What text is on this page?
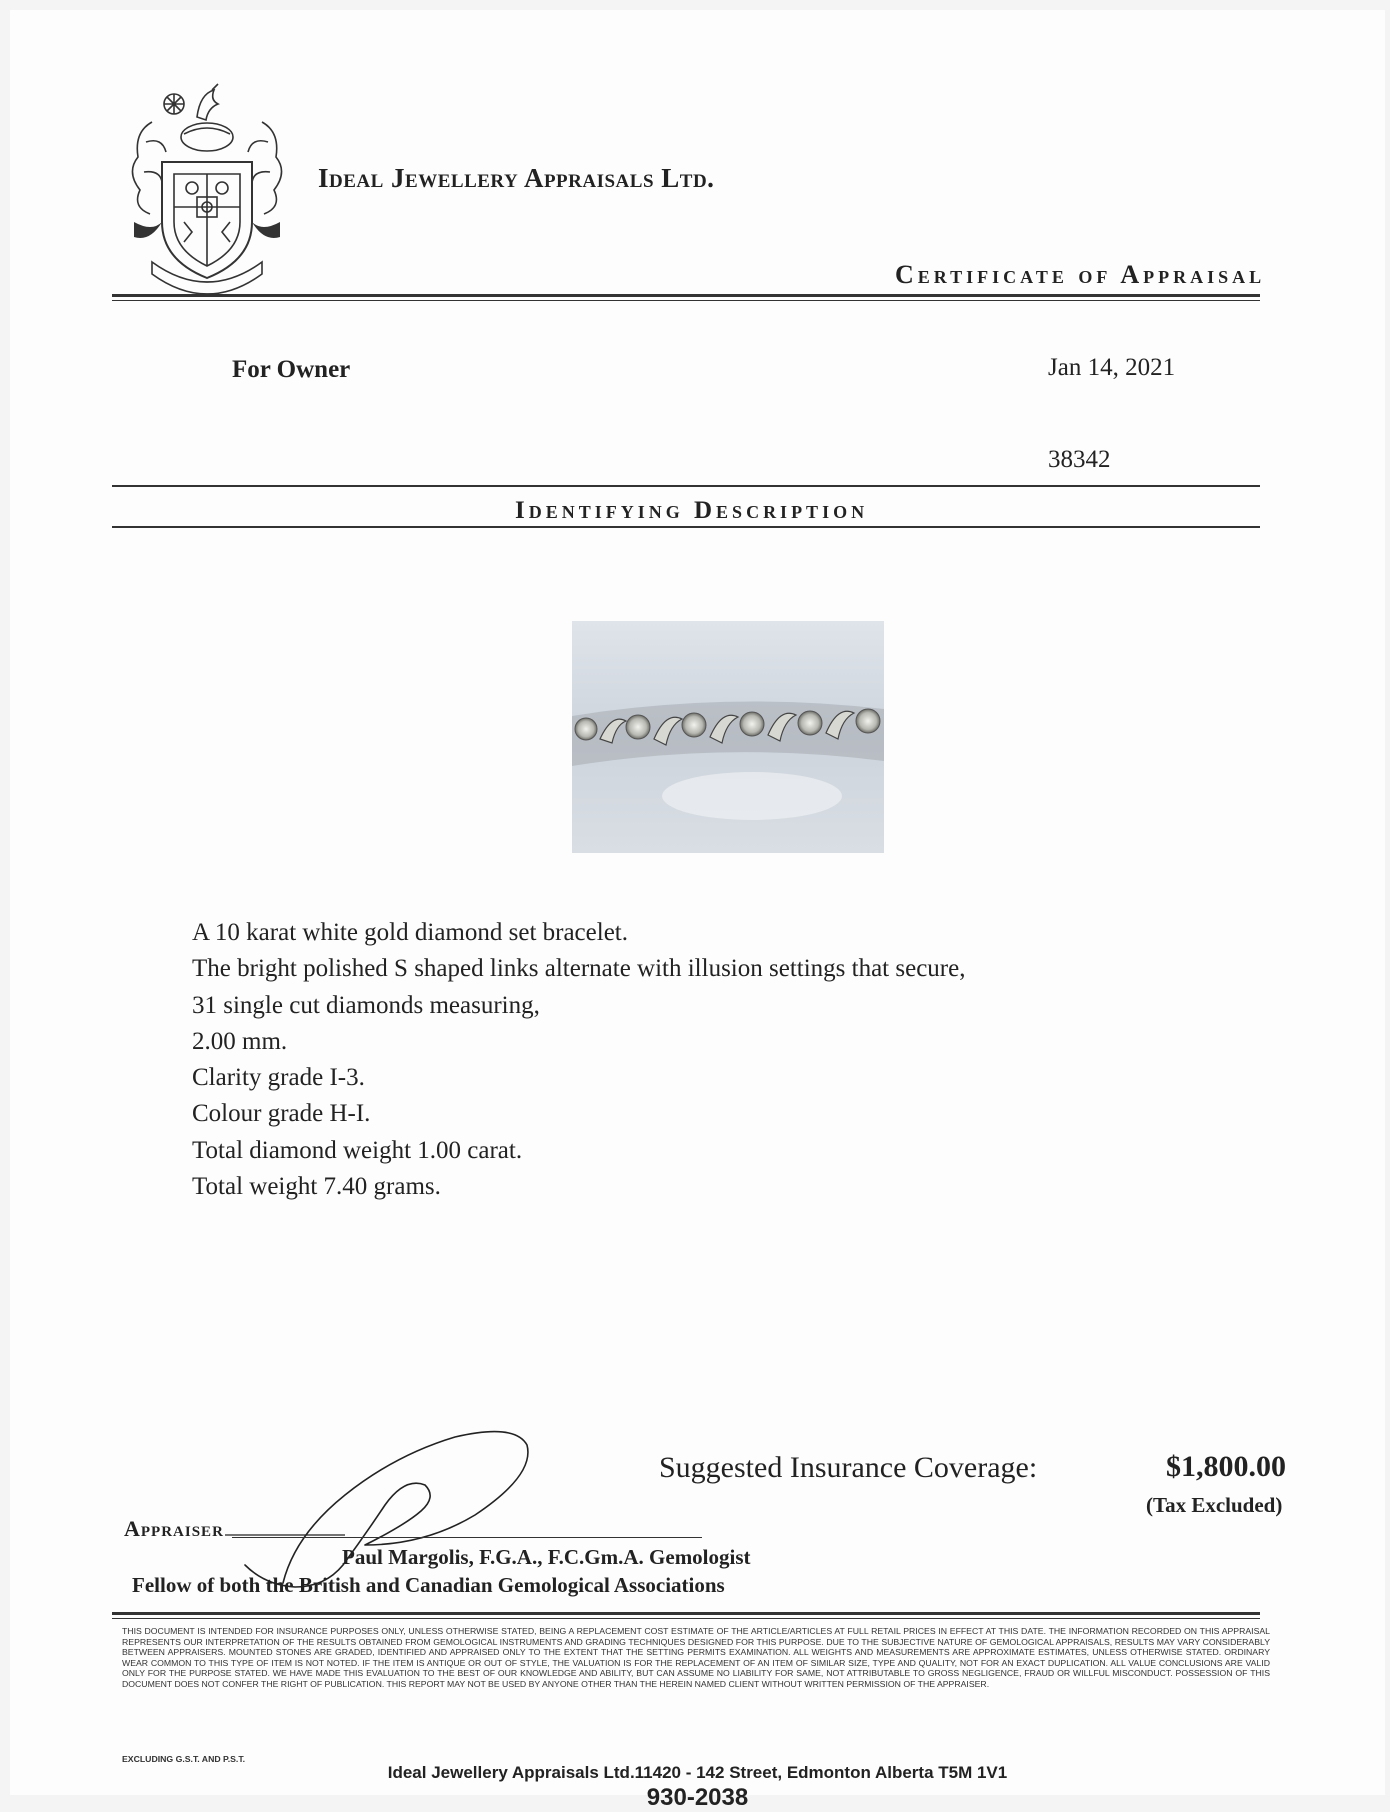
Ideal Jewellery Appraisals Ltd.
Certificate of Appraisal
For Owner	Jan 14, 2021
38342
Identifying Description
A 10 karat white gold diamond set bracelet.
The bright polished S shaped links alternate with illusion settings that secure,
31 single cut diamonds measuring,
2.00 mm.
Clarity grade I-3.
Colour grade H-I.
Total diamond weight 1.00 carat.
Total weight 7.40 grams.
Suggested Insurance Coverage:	$1,800.00
(Tax Excluded)
Appraiser
Paul Margolis, F.G.A., F.C.Gm.A. Gemologist
Fellow of both the British and Canadian Gemological Associations
THIS DOCUMENT IS INTENDED FOR INSURANCE PURPOSES ONLY, UNLESS OTHERWISE STATED, BEING A REPLACEMENT COST ESTIMATE OF THE ARTICLE/ARTICLES AT FULL RETAIL PRICES IN EFFECT AT THIS DATE. THE INFORMATION RECORDED ON THIS APPRAISAL REPRESENTS OUR INTERPRETATION OF THE RESULTS OBTAINED FROM GEMOLOGICAL INSTRUMENTS AND GRADING TECHNIQUES DESIGNED FOR THIS PURPOSE. DUE TO THE SUBJECTIVE NATURE OF GEMOLOGICAL APPRAISALS, RESULTS MAY VARY CONSIDERABLY BETWEEN APPRAISERS. MOUNTED STONES ARE GRADED, IDENTIFIED AND APPRAISED ONLY TO THE EXTENT THAT THE SETTING PERMITS EXAMINATION. ALL WEIGHTS AND MEASUREMENTS ARE APPROXIMATE ESTIMATES, UNLESS OTHERWISE STATED. ORDINARY WEAR COMMON TO THIS TYPE OF ITEM IS NOT NOTED. IF THE ITEM IS ANTIQUE OR OUT OF STYLE, THE VALUATION IS FOR THE REPLACEMENT OF AN ITEM OF SIMILAR SIZE, TYPE AND QUALITY, NOT FOR AN EXACT DUPLICATION. ALL VALUE CONCLUSIONS ARE VALID ONLY FOR THE PURPOSE STATED. WE HAVE MADE THIS EVALUATION TO THE BEST OF OUR KNOWLEDGE AND ABILITY, BUT CAN ASSUME NO LIABILITY FOR SAME, NOT ATTRIBUTABLE TO GROSS NEGLIGENCE, FRAUD OR WILLFUL MISCONDUCT. POSSESSION OF THIS DOCUMENT DOES NOT CONFER THE RIGHT OF PUBLICATION. THIS REPORT MAY NOT BE USED BY ANYONE OTHER THAN THE HEREIN NAMED CLIENT WITHOUT WRITTEN PERMISSION OF THE APPRAISER.
EXCLUDING G.S.T. AND P.S.T.
Ideal Jewellery Appraisals Ltd.11420 - 142 Street, Edmonton Alberta T5M 1V1
930-2038
